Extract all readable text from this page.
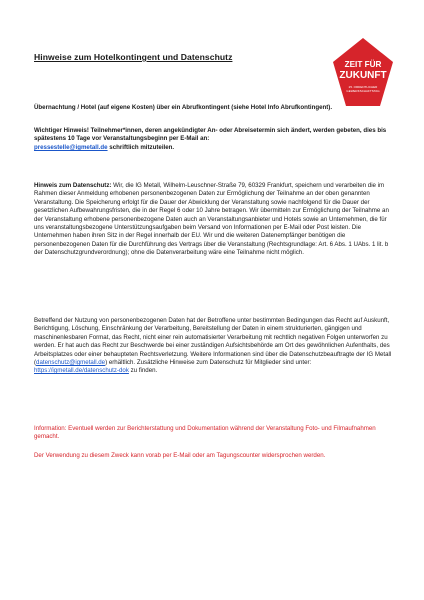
Hinweise zum Hotelkontingent und Datenschutz
ZEIT FÜR
ZUKUNFT
25. ORDENTLICHER
GEWERKSCHAFTSTAG
Übernachtung / Hotel (auf eigene Kosten) über ein Abrufkontingent (siehe Hotel Info Abrufkontingent).
Wichtiger Hinweis! Teilnehmer*innen, deren angekündigter An- oder Abreisetermin sich ändert, werden gebeten, dies bis spätestens 10 Tage vor Veranstaltungsbeginn per E-Mail an:
pressestelle@igmetall.de schriftlich mitzuteilen.
Hinweis zum Datenschutz: Wir, die IG Metall, Wilhelm-Leuschner-Straße 79, 60329 Frankfurt, speichern und verarbeiten die im Rahmen dieser Anmeldung erhobenen personenbezogenen Daten zur Ermöglichung der Teilnahme an der oben genannten Veranstaltung. Die Speicherung erfolgt für die Dauer der Abwicklung der Veranstaltung sowie nachfolgend für die Dauer der gesetzlichen Aufbewahrungsfristen, die in der Regel 6 oder 10 Jahre betragen. Wir übermitteln zur Ermöglichung der Teilnahme an der Veranstaltung erhobene personenbezogene Daten auch an Veranstaltungsanbieter und Hotels sowie an Unternehmen, die für uns veranstaltungsbezogene Unterstützungsaufgaben beim Versand von Informationen per E-Mail oder Post leisten. Die Unternehmen haben ihren Sitz in der Regel innerhalb der EU. Wir und die weiteren Datenempfänger benötigen die personenbezogenen Daten für die Durchführung des Vertrags über die Veranstaltung (Rechtsgrundlage: Art. 6 Abs. 1 UAbs. 1 lit. b der Datenschutzgrundverordnung); ohne die Datenverarbeitung wäre eine Teilnahme nicht möglich.
Betreffend der Nutzung von personenbezogenen Daten hat der Betroffene unter bestimmten Bedingungen das Recht auf Auskunft, Berichtigung, Löschung, Einschränkung der Verarbeitung, Bereitstellung der Daten in einem strukturierten, gängigen und maschinenlesbaren Format, das Recht, nicht einer rein automatisierter Verarbeitung mit rechtlich negativen Folgen unterworfen zu werden. Er hat auch das Recht zur Beschwerde bei einer zuständigen Aufsichtsbehörde am Ort des gewöhnlichen Aufenthalts, des Arbeitsplatzes oder einer behaupteten Rechtsverletzung. Weitere Informationen sind über die Datenschutzbeauftragte der IG Metall (datenschutz@igmetall.de) erhältlich. Zusätzliche Hinweise zum Datenschutz für Mitglieder sind unter: https://igmetall.de/datenschutz-dok zu finden.
Information: Eventuell werden zur Berichterstattung und Dokumentation während der Veranstaltung Foto- und Filmaufnahmen gemacht.
Der Verwendung zu diesem Zweck kann vorab per E-Mail oder am Tagungscounter widersprochen werden.
